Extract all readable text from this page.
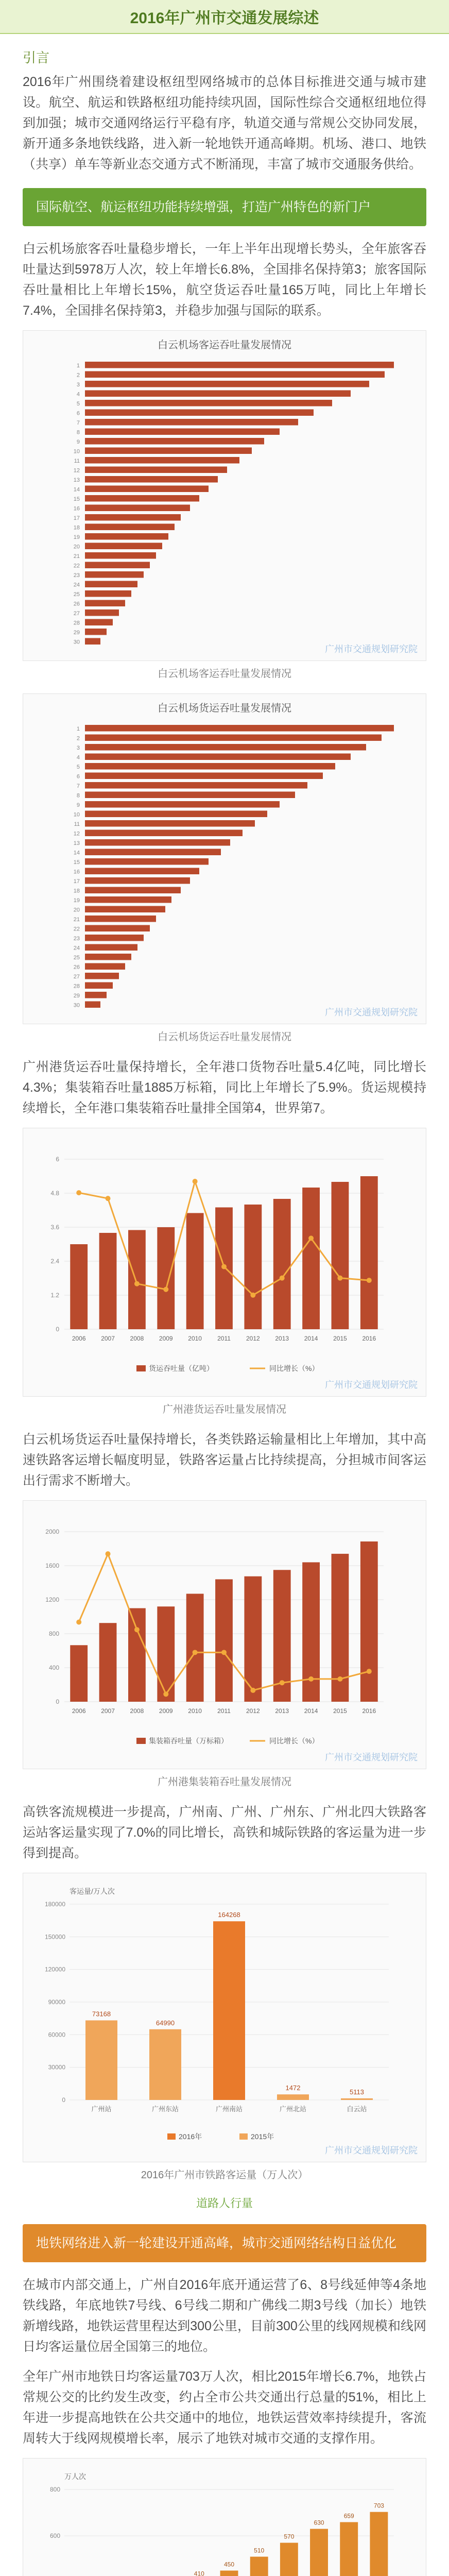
2016年广州市交通发展综述
引言

2016年广州围绕着建设枢纽型网络城市的总体目标推进交通与城市建设。航空、航运和铁路枢纽功能持续巩固，国际性综合交通枢纽地位得到加强；城市交通网络运行平稳有序，轨道交通与常规公交协同发展，新开通多条地铁线路，进入新一轮地铁开通高峰期。机场、港口、地铁（共享）单车等新业态交通方式不断涌现，丰富了城市交通服务供给。

国际航空、航运枢纽功能持续增强，打造广州特色的新门户

白云机场旅客吞吐量稳步增长，一年上半年出现增长势头，全年旅客吞吐量达到5978万人次，较上年增长6.8%，全国排名保持第3；旅客国际吞吐量相比上年增长15%，航空货运吞吐量165万吨，同比上年增长7.4%，全国排名保持第3，并稳步加强与国际的联系。

白云机场客运吞吐量发展情况
1
2
3
4
5
6
7
8
9
10
11
12
13
14
15
16
17
18
19
20
21
22
23
24
25
26
27
28
29
30
广州市交通规划研究院
白云机场客运吞吐量发展情况
白云机场货运吞吐量发展情况
1
2
3
4
5
6
7
8
9
10
11
12
13
14
15
16
17
18
19
20
21
22
23
24
25
26
27
28
29
30
广州市交通规划研究院
白云机场货运吞吐量发展情况

广州港货运吞吐量保持增长，全年港口货物吞吐量5.4亿吨，同比增长4.3%；集装箱吞吐量1885万标箱，同比上年增长了5.9%。货运规模持续增长，全年港口集装箱吞吐量排全国第4，世界第7。

0
1.2
2.4
3.6
4.8
6
2006 2007 2008 2009 2010	2011	2012 2013 2014 2015 2016
货运吞吐量（亿吨）	同比增长（%）
广州市交通规划研究院
广州港货运吞吐量发展情况

白云机场货运吞吐量保持增长，各类铁路运输量相比上年增加，其中高速铁路客运增长幅度明显，铁路客运量占比持续提高，分担城市间客运出行需求不断增大。

0
400
800
1200
1600
2000
2006 2007 2008 2009 2010	2011	2012 2013 2014 2015 2016
集装箱吞吐量（万标箱）	同比增长（%）
广州市交通规划研究院
广州港集装箱吞吐量发展情况

高铁客流规模进一步提高，广州南、广州、广州东、广州北四大铁路客运站客运量实现了7.0%的同比增长，高铁和城际铁路的客运量为进一步得到提高。

客运量/万人次
0
30000
60000
90000
120000
150000
180000
73168
广州站
64990
广州东站
164268
广州南站
1472
广州北站
5113
白云站
2016年	2015年
广州市交通规划研究院
2016年广州市铁路客运量（万人次）
道路人行量
地铁网络进入新一轮建设开通高峰，城市交通网络结构日益优化

在城市内部交通上，广州自2016年底开通运营了6、8号线延伸等4条地铁线路，年底地铁7号线、6号线二期和广佛线二期3号线（加长）地铁新增线路，地铁运营里程达到300公里，目前300公里的线网规模和线网日均客运量位居全国第三的地位。

全年广州市地铁日均客运量703万人次，相比2015年增长6.7%，地铁占常规公交的比约发生改变，约占全市公共交通出行总量的51%，相比上年进一步提高地铁在公共交通中的地位，地铁运营效率持续提升，客流周转大于线网规模增长率，展示了地铁对城市交通的支撑作用。

万人次
600
800
410
450
510
570
630
659
703
